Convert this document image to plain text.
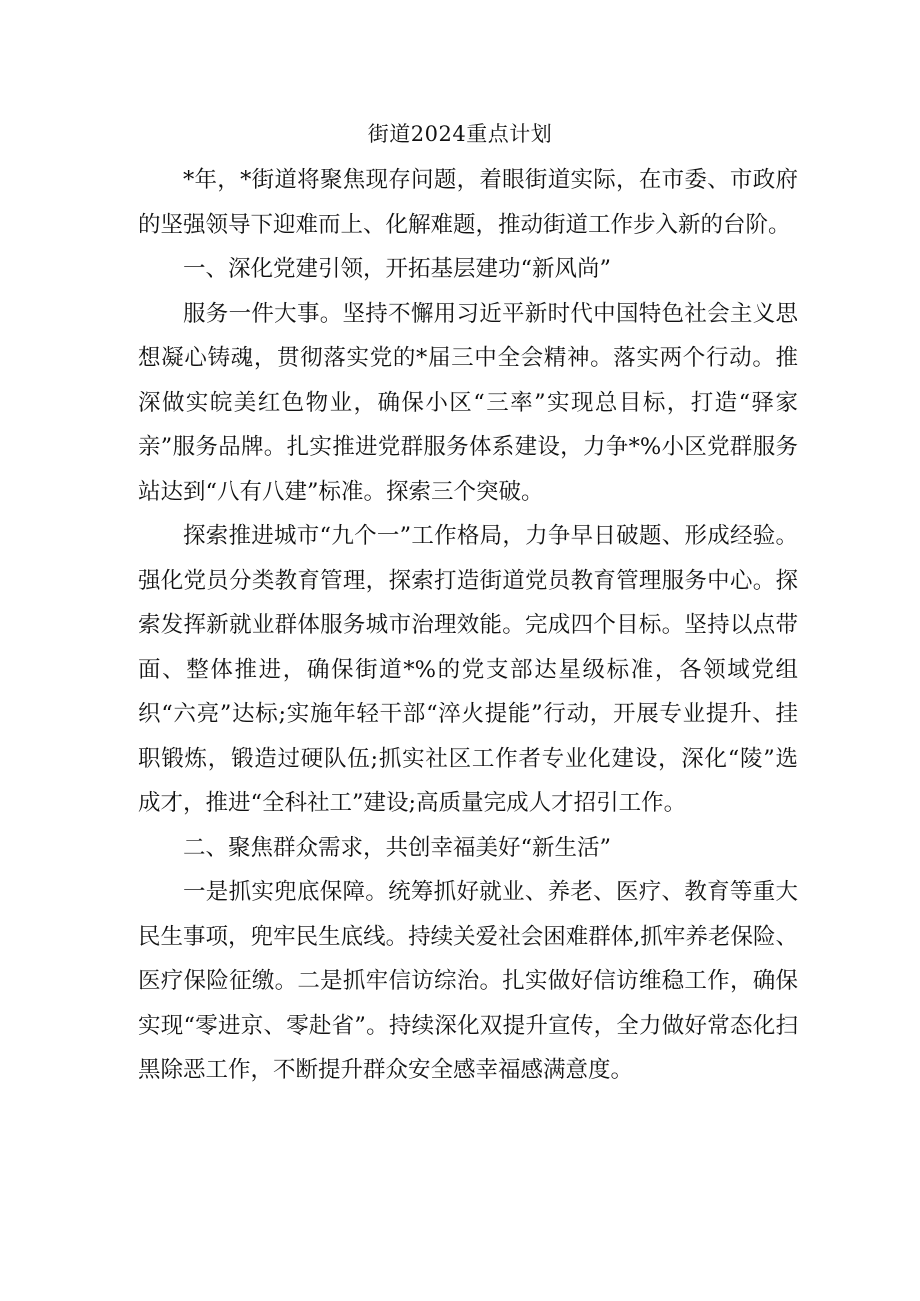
街道2024重点计划

*年，*街道将聚焦现存问题，着眼街道实际，在市委、市政府的坚强领导下迎难而上、化解难题，推动街道工作步入新的台阶。

一、深化党建引领，开拓基层建功“新风尚”

服务一件大事。坚持不懈用习近平新时代中国特色社会主义思想凝心铸魂，贯彻落实党的*届三中全会精神。落实两个行动。推深做实皖美红色物业，确保小区“三率”实现总目标，打造“驿家亲”服务品牌。扎实推进党群服务体系建设，力争*%小区党群服务站达到“八有八建”标准。探索三个突破。

探索推进城市“九个一”工作格局，力争早日破题、形成经验。强化党员分类教育管理，探索打造街道党员教育管理服务中心。探索发挥新就业群体服务城市治理效能。完成四个目标。坚持以点带面、整体推进，确保街道*%的党支部达星级标准，各领域党组织“六亮”达标;实施年轻干部“淬火提能”行动，开展专业提升、挂职锻炼，锻造过硬队伍;抓实社区工作者专业化建设，深化“陵”选成才，推进“全科社工”建设;高质量完成人才招引工作。

二、聚焦群众需求，共创幸福美好“新生活”

一是抓实兜底保障。统筹抓好就业、养老、医疗、教育等重大民生事项，兜牢民生底线。持续关爱社会困难群体,抓牢养老保险、医疗保险征缴。二是抓牢信访综治。扎实做好信访维稳工作，确保实现“零进京、零赴省”。持续深化双提升宣传，全力做好常态化扫黑除恶工作，不断提升群众安全感幸福感满意度。
